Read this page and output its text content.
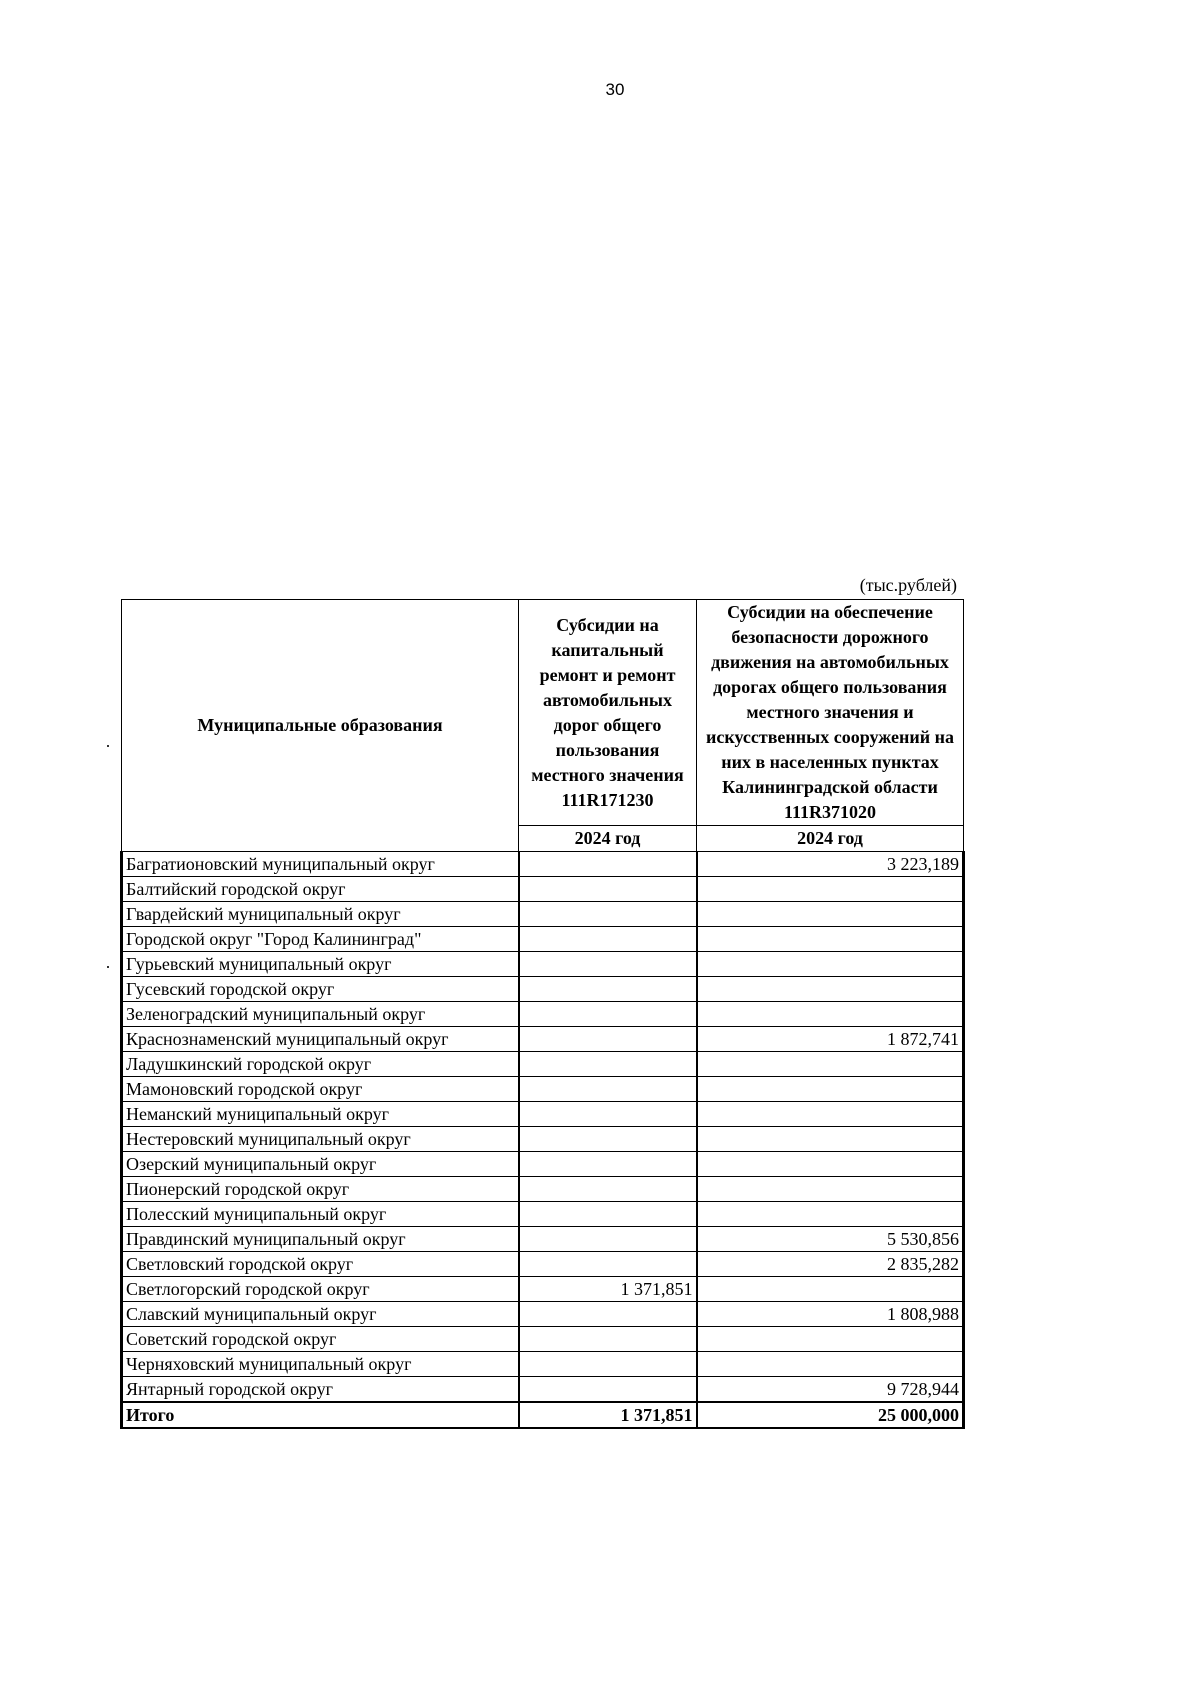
30
(тыс.рублей)
Муниципальные образования	Субсидии на капитальный ремонт и ремонт автомобильных дорог общего пользования местного значения 111R171230	Субсидии на обеспечение безопасности дорожного движения на автомобильных дорогах общего пользования местного значения и искусственных сооружений на них в населенных пунктах Калининградской области 111R371020
	2024 год	2024 год
Багратионовский муниципальный округ		3 223,189
Балтийский городской округ		
Гвардейский муниципальный округ		
Городской округ "Город Калининград"		
Гурьевский муниципальный округ		
Гусевский городской округ		
Зеленоградский муниципальный округ		
Краснознаменский муниципальный округ		1 872,741
Ладушкинский городской округ		
Мамоновский городской округ		
Неманский муниципальный округ		
Нестеровский муниципальный округ		
Озерский муниципальный округ		
Пионерский городской округ		
Полесский муниципальный округ		
Правдинский муниципальный округ		5 530,856
Светловский городской округ		2 835,282
Светлогорский городской округ	1 371,851	
Славский муниципальный округ		1 808,988
Советский городской округ		
Черняховский муниципальный округ		
Янтарный городской округ		9 728,944
Итого	1 371,851	25 000,000
